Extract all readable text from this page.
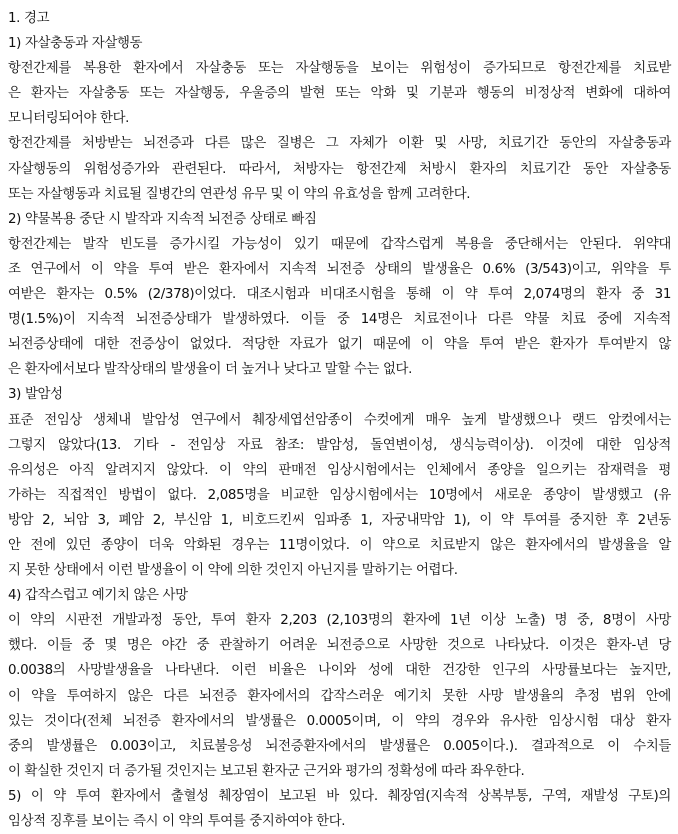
1. 경고
1) 자살충동과 자살행동
항전간제를 복용한 환자에서 자살충동 또는 자살행동을 보이는 위험성이 증가되므로 항전간제를 치료받
은 환자는 자살충동 또는 자살행동, 우울증의 발현 또는 악화 및 기분과 행동의 비정상적 변화에 대하여
모니터링되어야 한다.
항전간제를 처방받는 뇌전증과 다른 많은 질병은 그 자체가 이환 및 사망, 치료기간 동안의 자살충동과
자살행동의 위험성증가와 관련된다. 따라서, 처방자는 항전간제 처방시 환자의 치료기간 동안 자살충동
또는 자살행동과 치료될 질병간의 연관성 유무 및 이 약의 유효성을 함께 고려한다.
2) 약물복용 중단 시 발작과 지속적 뇌전증 상태로 빠짐
항전간제는 발작 빈도를 증가시킬 가능성이 있기 때문에 갑작스럽게 복용을 중단해서는 안된다. 위약대
조 연구에서 이 약을 투여 받은 환자에서 지속적 뇌전증 상태의 발생율은 0.6% (3/543)이고, 위약을 투
여받은 환자는 0.5% (2/378)이었다. 대조시험과 비대조시험을 통해 이 약 투여 2,074명의 환자 중 31
명(1.5%)이 지속적 뇌전증상태가 발생하였다. 이들 중 14명은 치료전이나 다른 약물 치료 중에 지속적
뇌전증상태에 대한 전증상이 없었다. 적당한 자료가 없기 때문에 이 약을 투여 받은 환자가 투여받지 않
은 환자에서보다 발작상태의 발생율이 더 높거나 낮다고 말할 수는 없다.
3) 발암성
표준 전임상 생체내 발암성 연구에서 췌장세엽선암종이 수컷에게 매우 높게 발생했으나 랫드 암컷에서는
그렇지 않았다(13. 기타 - 전임상 자료 참조: 발암성, 돌연변이성, 생식능력이상). 이것에 대한 임상적
유의성은 아직 알려지지 않았다. 이 약의 판매전 임상시험에서는 인체에서 종양을 일으키는 잠재력을 평
가하는 직접적인 방법이 없다. 2,085명을 비교한 임상시험에서는 10명에서 새로운 종양이 발생했고 (유
방암 2, 뇌암 3, 폐암 2, 부신암 1, 비호드킨씨 임파종 1, 자궁내막암 1), 이 약 투여를 중지한 후 2년동
안 전에 있던 종양이 더욱 악화된 경우는 11명이었다. 이 약으로 치료받지 않은 환자에서의 발생율을 알
지 못한 상태에서 이런 발생율이 이 약에 의한 것인지 아닌지를 말하기는 어렵다.
4) 갑작스럽고 예기치 않은 사망
이 약의 시판전 개발과정 동안, 투여 환자 2,203 (2,103명의 환자에 1년 이상 노출) 명 중, 8명이 사망
했다. 이들 중 몇 명은 야간 중 관찰하기 어려운 뇌전증으로 사망한 것으로 나타났다. 이것은 환자-년 당
0.0038의 사망발생율을 나타낸다. 이런 비율은 나이와 성에 대한 건강한 인구의 사망률보다는 높지만,
이 약을 투여하지 않은 다른 뇌전증 환자에서의 갑작스러운 예기치 못한 사망 발생율의 추정 범위 안에
있는 것이다(전체 뇌전증 환자에서의 발생률은 0.0005이며, 이 약의 경우와 유사한 임상시험 대상 환자
중의 발생률은 0.003이고, 치료불응성 뇌전증환자에서의 발생률은 0.005이다.). 결과적으로 이 수치들
이 확실한 것인지 더 증가될 것인지는 보고된 환자군 근거와 평가의 정확성에 따라 좌우한다.
5) 이 약 투여 환자에서 출혈성 췌장염이 보고된 바 있다. 췌장염(지속적 상복부통, 구역, 재발성 구토)의
임상적 징후를 보이는 즉시 이 약의 투여를 중지하여야 한다.
